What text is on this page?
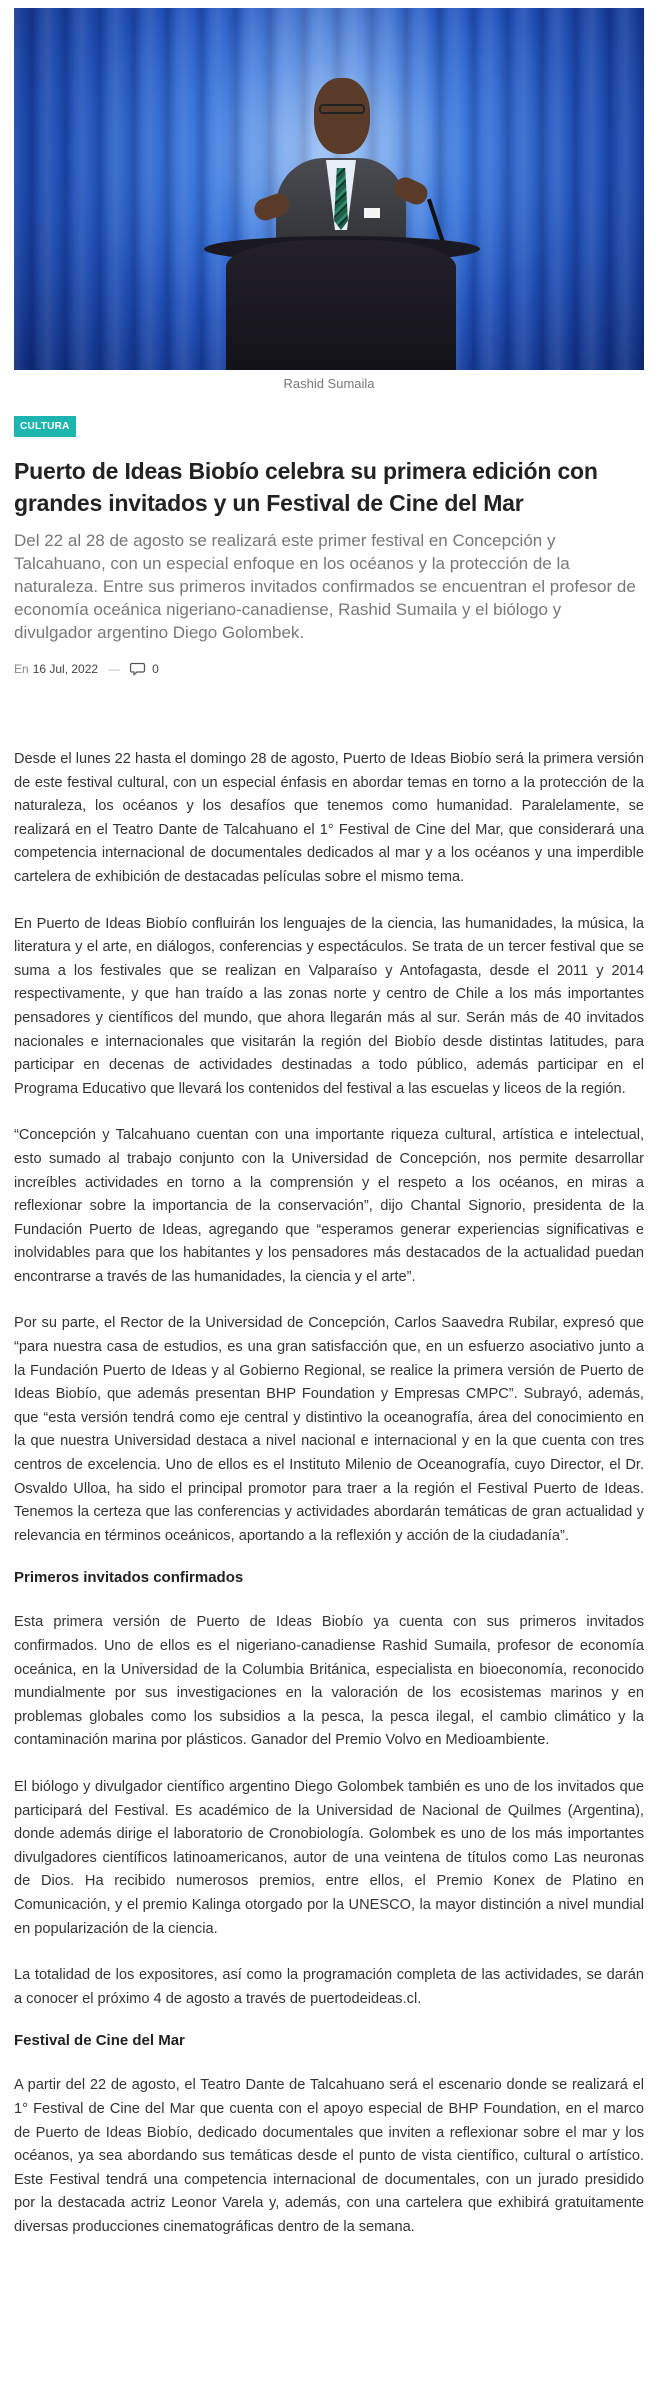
Rashid Sumaila
CULTURA
Puerto de Ideas Biobío celebra su primera edición con grandes invitados y un Festival de Cine del Mar

Del 22 al 28 de agosto se realizará este primer festival en Concepción y Talcahuano, con un especial enfoque en los océanos y la protección de la naturaleza. Entre sus primeros invitados confirmados se encuentran el profesor de economía oceánica nigeriano-canadiense, Rashid Sumaila y el biólogo y divulgador argentino Diego Golombek.

En 16 Jul, 2022 —	0

Desde el lunes 22 hasta el domingo 28 de agosto, Puerto de Ideas Biobío será la primera versión de este festival cultural, con un especial énfasis en abordar temas en torno a la protección de la naturaleza, los océanos y los desafíos que tenemos como humanidad. Paralelamente, se realizará en el Teatro Dante de Talcahuano el 1° Festival de Cine del Mar, que considerará una competencia internacional de documentales dedicados al mar y a los océanos y una imperdible cartelera de exhibición de destacadas películas sobre el mismo tema.

En Puerto de Ideas Biobío confluirán los lenguajes de la ciencia, las humanidades, la música, la literatura y el arte, en diálogos, conferencias y espectáculos. Se trata de un tercer festival que se suma a los festivales que se realizan en Valparaíso y Antofagasta, desde el 2011 y 2014 respectivamente, y que han traído a las zonas norte y centro de Chile a los más importantes pensadores y científicos del mundo, que ahora llegarán más al sur. Serán más de 40 invitados nacionales e internacionales que visitarán la región del Biobío desde distintas latitudes, para participar en decenas de actividades destinadas a todo público, además participar en el Programa Educativo que llevará los contenidos del festival a las escuelas y liceos de la región.

“Concepción y Talcahuano cuentan con una importante riqueza cultural, artística e intelectual, esto sumado al trabajo conjunto con la Universidad de Concepción, nos permite desarrollar increíbles actividades en torno a la comprensión y el respeto a los océanos, en miras a reflexionar sobre la importancia de la conservación”, dijo Chantal Signorio, presidenta de la Fundación Puerto de Ideas, agregando que “esperamos generar experiencias significativas e inolvidables para que los habitantes y los pensadores más destacados de la actualidad puedan encontrarse a través de las humanidades, la ciencia y el arte”.

Por su parte, el Rector de la Universidad de Concepción, Carlos Saavedra Rubilar, expresó que “para nuestra casa de estudios, es una gran satisfacción que, en un esfuerzo asociativo junto a la Fundación Puerto de Ideas y al Gobierno Regional, se realice la primera versión de Puerto de Ideas Biobío, que además presentan BHP Foundation y Empresas CMPC”. Subrayó, además, que “esta versión tendrá como eje central y distintivo la oceanografía, área del conocimiento en la que nuestra Universidad destaca a nivel nacional e internacional y en la que cuenta con tres centros de excelencia. Uno de ellos es el Instituto Milenio de Oceanografía, cuyo Director, el Dr. Osvaldo Ulloa, ha sido el principal promotor para traer a la región el Festival Puerto de Ideas. Tenemos la certeza que las conferencias y actividades abordarán temáticas de gran actualidad y relevancia en términos oceánicos, aportando a la reflexión y acción de la ciudadanía”.

Primeros invitados confirmados

Esta primera versión de Puerto de Ideas Biobío ya cuenta con sus primeros invitados confirmados. Uno de ellos es el nigeriano-canadiense Rashid Sumaila, profesor de economía oceánica, en la Universidad de la Columbia Británica, especialista en bioeconomía, reconocido mundialmente por sus investigaciones en la valoración de los ecosistemas marinos y en problemas globales como los subsidios a la pesca, la pesca ilegal, el cambio climático y la contaminación marina por plásticos. Ganador del Premio Volvo en Medioambiente.

El biólogo y divulgador científico argentino Diego Golombek también es uno de los invitados que participará del Festival. Es académico de la Universidad de Nacional de Quilmes (Argentina), donde además dirige el laboratorio de Cronobiología. Golombek es uno de los más importantes divulgadores científicos latinoamericanos, autor de una veintena de títulos como Las neuronas de Dios. Ha recibido numerosos premios, entre ellos, el Premio Konex de Platino en Comunicación, y el premio Kalinga otorgado por la UNESCO, la mayor distinción a nivel mundial en popularización de la ciencia.

La totalidad de los expositores, así como la programación completa de las actividades, se darán a conocer el próximo 4 de agosto a través de puertodeideas.cl.

Festival de Cine del Mar

A partir del 22 de agosto, el Teatro Dante de Talcahuano será el escenario donde se realizará el 1° Festival de Cine del Mar que cuenta con el apoyo especial de BHP Foundation, en el marco de Puerto de Ideas Biobío, dedicado documentales que inviten a reflexionar sobre el mar y los océanos, ya sea abordando sus temáticas desde el punto de vista científico, cultural o artístico. Este Festival tendrá una competencia internacional de documentales, con un jurado presidido por la destacada actriz Leonor Varela y, además, con una cartelera que exhibirá gratuitamente diversas producciones cinematográficas dentro de la semana.
